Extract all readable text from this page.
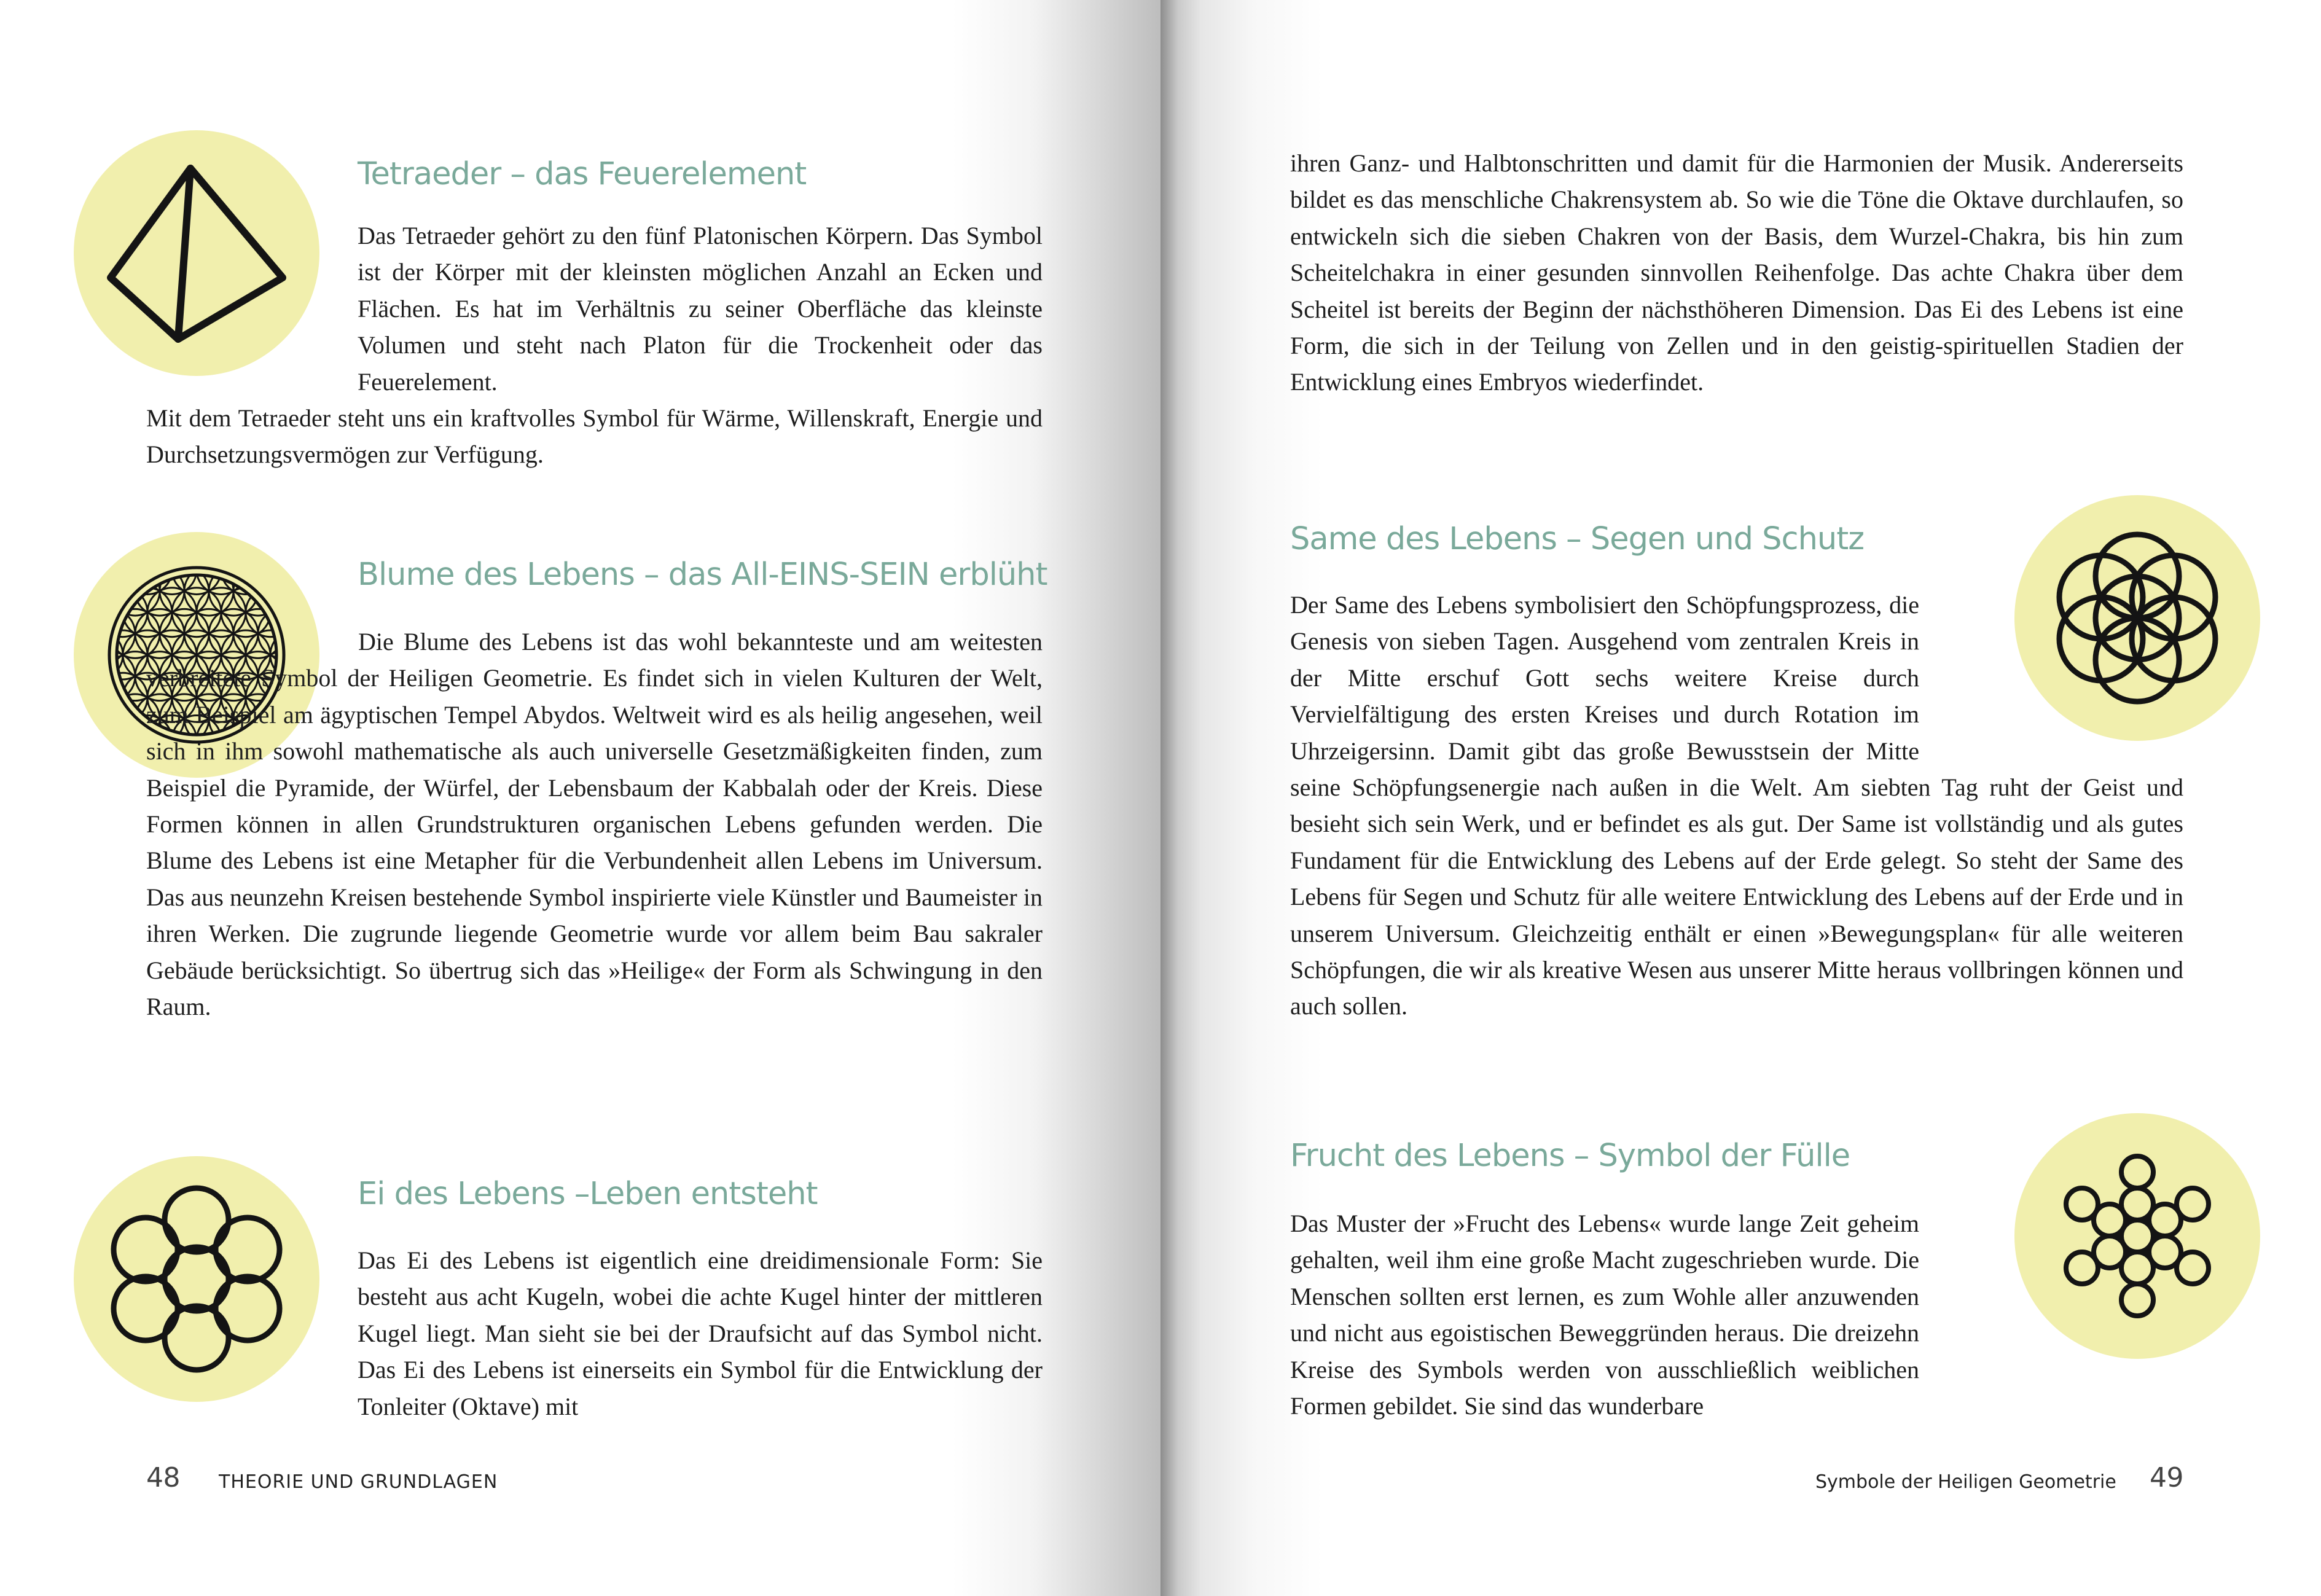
Tetraeder – das Feuerelement

Das Tetraeder gehört zu den fünf Platonischen Körpern. Das Symbol ist der Körper mit der kleinsten möglichen Anzahl an Ecken und Flächen. Es hat im Verhältnis zu seiner Oberfläche das kleinste Volumen und steht nach Platon für die Trockenheit oder das Feuerelement.

Mit dem Tetraeder steht uns ein kraftvolles Symbol für Wärme, Willenskraft, Energie und Durchsetzungsvermögen zur Verfügung.

Blume des Lebens – das All-EINS-SEIN erblüht

Die Blume des Lebens ist das wohl bekannteste und am weitesten verbreitete Symbol der Heiligen Geometrie. Es findet sich in vielen Kulturen der Welt, zum Beispiel am ägyptischen Tempel Abydos. Weltweit wird es als heilig angesehen, weil sich in ihm sowohl mathematische als auch universelle Gesetzmäßigkeiten finden, zum Beispiel die Pyramide, der Würfel, der Lebensbaum der Kabbalah oder der Kreis. Diese Formen können in allen Grundstrukturen organischen Lebens gefunden werden. Die Blume des Lebens ist eine Metapher für die Verbundenheit allen Lebens im Universum. Das aus neunzehn Kreisen bestehende Symbol inspirierte viele Künstler und Baumeister in ihren Werken. Die zugrunde liegende Geometrie wurde vor allem beim Bau sakraler Gebäude berücksichtigt. So übertrug sich das »Heilige« der Form als Schwingung in den Raum.

Ei des Lebens –Leben entsteht

Das Ei des Lebens ist eigentlich eine dreidimensionale Form: Sie besteht aus acht Kugeln, wobei die achte Kugel hinter der mittleren Kugel liegt. Man sieht sie bei der Draufsicht auf das Symbol nicht. Das Ei des Lebens ist einerseits ein Symbol für die Entwicklung der Tonleiter (Oktave) mit

48 THEORIE UND GRUNDLAGEN

ihren Ganz- und Halbtonschritten und damit für die Harmonien der Musik. Andererseits bildet es das menschliche Chakrensystem ab. So wie die Töne die Oktave durchlaufen, so entwickeln sich die sieben Chakren von der Basis, dem Wurzel-Chakra, bis hin zum Scheitelchakra in einer gesunden sinnvollen Reihenfolge. Das achte Chakra über dem Scheitel ist bereits der Beginn der nächsthöheren Dimension. Das Ei des Lebens ist eine Form, die sich in der Teilung von Zellen und in den geistig-spirituellen Stadien der Entwicklung eines Embryos wiederfindet.

Same des Lebens – Segen und Schutz

Der Same des Lebens symbolisiert den Schöpfungsprozess, die Genesis von sieben Tagen. Ausgehend vom zentralen Kreis in der Mitte erschuf Gott sechs weitere Kreise durch Vervielfältigung des ersten Kreises und durch Rotation im Uhrzeigersinn. Damit gibt das große Bewusstsein der Mitte seine Schöpfungsenergie nach außen in die Welt. Am siebten Tag ruht der Geist und besieht sich sein Werk, und er befindet es als gut. Der Same ist vollständig und als gutes Fundament für die Entwicklung des Lebens auf der Erde gelegt. So steht der Same des Lebens für Segen und Schutz für alle weitere Entwicklung des Lebens auf der Erde und in unserem Universum. Gleichzeitig enthält er einen »Bewegungsplan« für alle weiteren Schöpfungen, die wir als kreative Wesen aus unserer Mitte heraus vollbringen können und auch sollen.

Frucht des Lebens – Symbol der Fülle

Das Muster der »Frucht des Lebens« wurde lange Zeit geheim gehalten, weil ihm eine große Macht zugeschrieben wurde. Die Menschen sollten erst lernen, es zum Wohle aller anzuwenden und nicht aus egoistischen Beweggründen heraus. Die dreizehn Kreise des Symbols werden von ausschließlich weiblichen Formen gebildet. Sie sind das wunderbare

Symbole der Heiligen Geometrie 49
